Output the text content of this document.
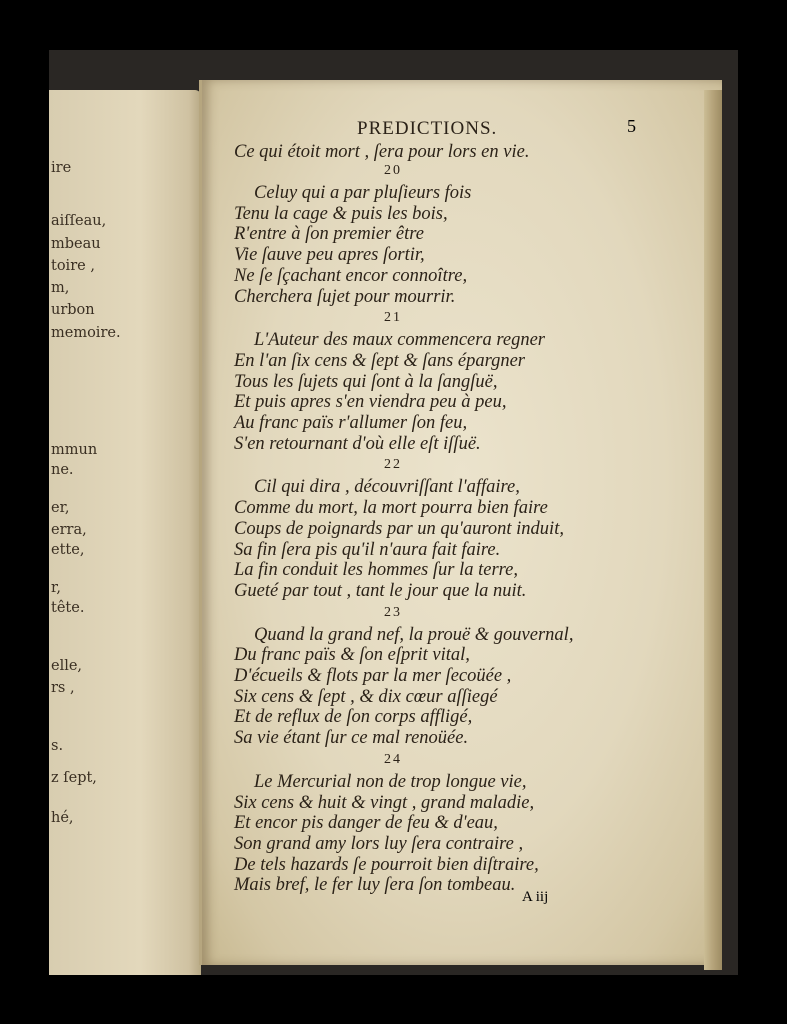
ire
aiſſeau,
mbeau
toire ,
m,
urbon
memoire.
mmun
ne.
er,
erra,
ette,
r,
tête.
elle,
rs ,
s.
z ſept,
hé,
PREDICTIONS.	5
Ce qui étoit mort , ſera pour lors en vie.
20
Celuy qui a par pluſieurs fois
Tenu la cage & puis les bois,
R'entre à ſon premier être
Vie ſauve peu apres ſortir,
Ne ſe ſçachant encor connoître,
Cherchera ſujet pour mourrir.
21
L'Auteur des maux commencera regner
En l'an ſix cens & ſept & ſans épargner
Tous les ſujets qui ſont à la ſangſuë,
Et puis apres s'en viendra peu à peu,
Au franc païs r'allumer ſon feu,
S'en retournant d'où elle eſt iſſuë.
22
Cil qui dira , découvriſſant l'affaire,
Comme du mort, la mort pourra bien faire
Coups de poignards par un qu'auront induit,
Sa fin ſera pis qu'il n'aura fait faire.
La fin conduit les hommes ſur la terre,
Gueté par tout , tant le jour que la nuit.
23
Quand la grand nef, la prouë & gouvernal,
Du franc païs & ſon eſprit vital,
D'écueils & flots par la mer ſecoüée ,
Six cens & ſept , & dix cœur aſſiegé
Et de reflux de ſon corps affligé,
Sa vie étant ſur ce mal renoüée.
24
Le Mercurial non de trop longue vie,
Six cens & huit & vingt , grand maladie,
Et encor pis danger de feu & d'eau,
Son grand amy lors luy ſera contraire ,
De tels hazards ſe pourroit bien diſtraire,
Mais bref, le fer luy ſera ſon tombeau.
A iij
